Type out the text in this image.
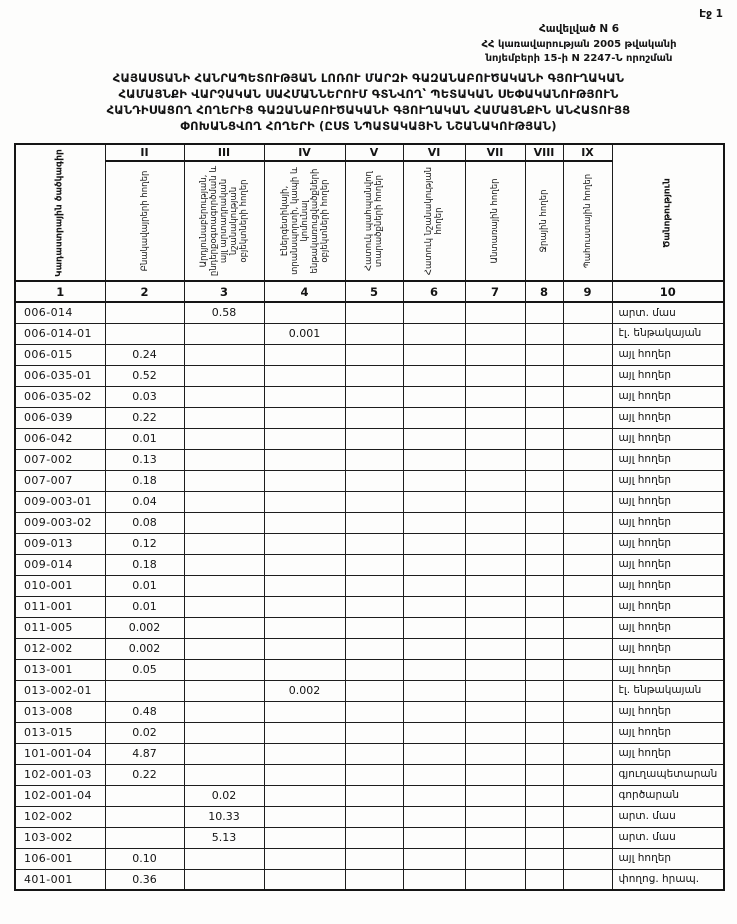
Էջ 1
Հավելված N 6
ՀՀ կառավարության 2005 թվականի
նոյեմբերի 15-ի N 2247-Ն որոշման
ՀԱՅԱՍՏԱՆԻ ՀԱՆՐԱՊԵՏՈՒԹՅԱՆ ԼՈՌՈՒ ՄԱՐԶԻ ԳԱԶԱՆԱԲՈՒԾԱԿԱՆԻ ԳՅՈՒՂԱԿԱՆ
ՀԱՄԱՅՆՔԻ ՎԱՐՉԱԿԱՆ ՍԱՀՄԱՆՆԵՐՈՒՄ ԳՏՆՎՈՂ՝ ՊԵՏԱԿԱՆ ՍԵՓԱԿԱՆՈՒԹՅՈՒՆ
ՀԱՆԴԻՍԱՑՈՂ ՀՈՂԵՐԻՑ ԳԱԶԱՆԱԲՈՒԾԱԿԱՆԻ ԳՅՈՒՂԱԿԱՆ ՀԱՄԱՅՆՔԻՆ ԱՆՀԱՏՈՒՅՑ
ՓՈԽԱՆՑՎՈՂ ՀՈՂԵՐԻ (ԸՍՏ ՆՊԱՏԱԿԱՅԻՆ ՆՇԱՆԱԿՈՒԹՅԱՆ)
Կադաստրային ծածկագիր	II	III	IV	V	VI	VII	VIII	IX	Ծանոթություն

	Բնակավայրերի հողեր	Արդյունաբերության, ընդերքօգտագործման և այլ արտադրական նշանակության օբյեկտների հողեր	Էներգետիկայի, տրանսպորտի, կապի և կոմունալ ենթակառուցվածքների օբյեկտների հողեր	Հատուկ պահպանվող տարածքների հողեր	Հատուկ նշանակության հողեր	Անտառային հողեր	Ջրային հողեր	Պահուստային հողեր	

1	2	3	4	5	6	7	8	9	10
006-014		0.58							արտ. մաս
006-014-01			0.001						էլ. ենթակայան
006-015	0.24								այլ հողեր
006-035-01	0.52								այլ հողեր
006-035-02	0.03								այլ հողեր
006-039	0.22								այլ հողեր
006-042	0.01								այլ հողեր
007-002	0.13								այլ հողեր
007-007	0.18								այլ հողեր
009-003-01	0.04								այլ հողեր
009-003-02	0.08								այլ հողեր
009-013	0.12								այլ հողեր
009-014	0.18								այլ հողեր
010-001	0.01								այլ հողեր
011-001	0.01								այլ հողեր
011-005	0.002								այլ հողեր
012-002	0.002								այլ հողեր
013-001	0.05								այլ հողեր
013-002-01			0.002						էլ. ենթակայան
013-008	0.48								այլ հողեր
013-015	0.02								այլ հողեր
101-001-04	4.87								այլ հողեր
102-001-03	0.22								գյուղապետարան
102-001-04		0.02							գործարան
102-002		10.33							արտ. մաս
103-002		5.13							արտ. մաս
106-001	0.10								այլ հողեր
401-001	0.36								փողոց. հրապ.
